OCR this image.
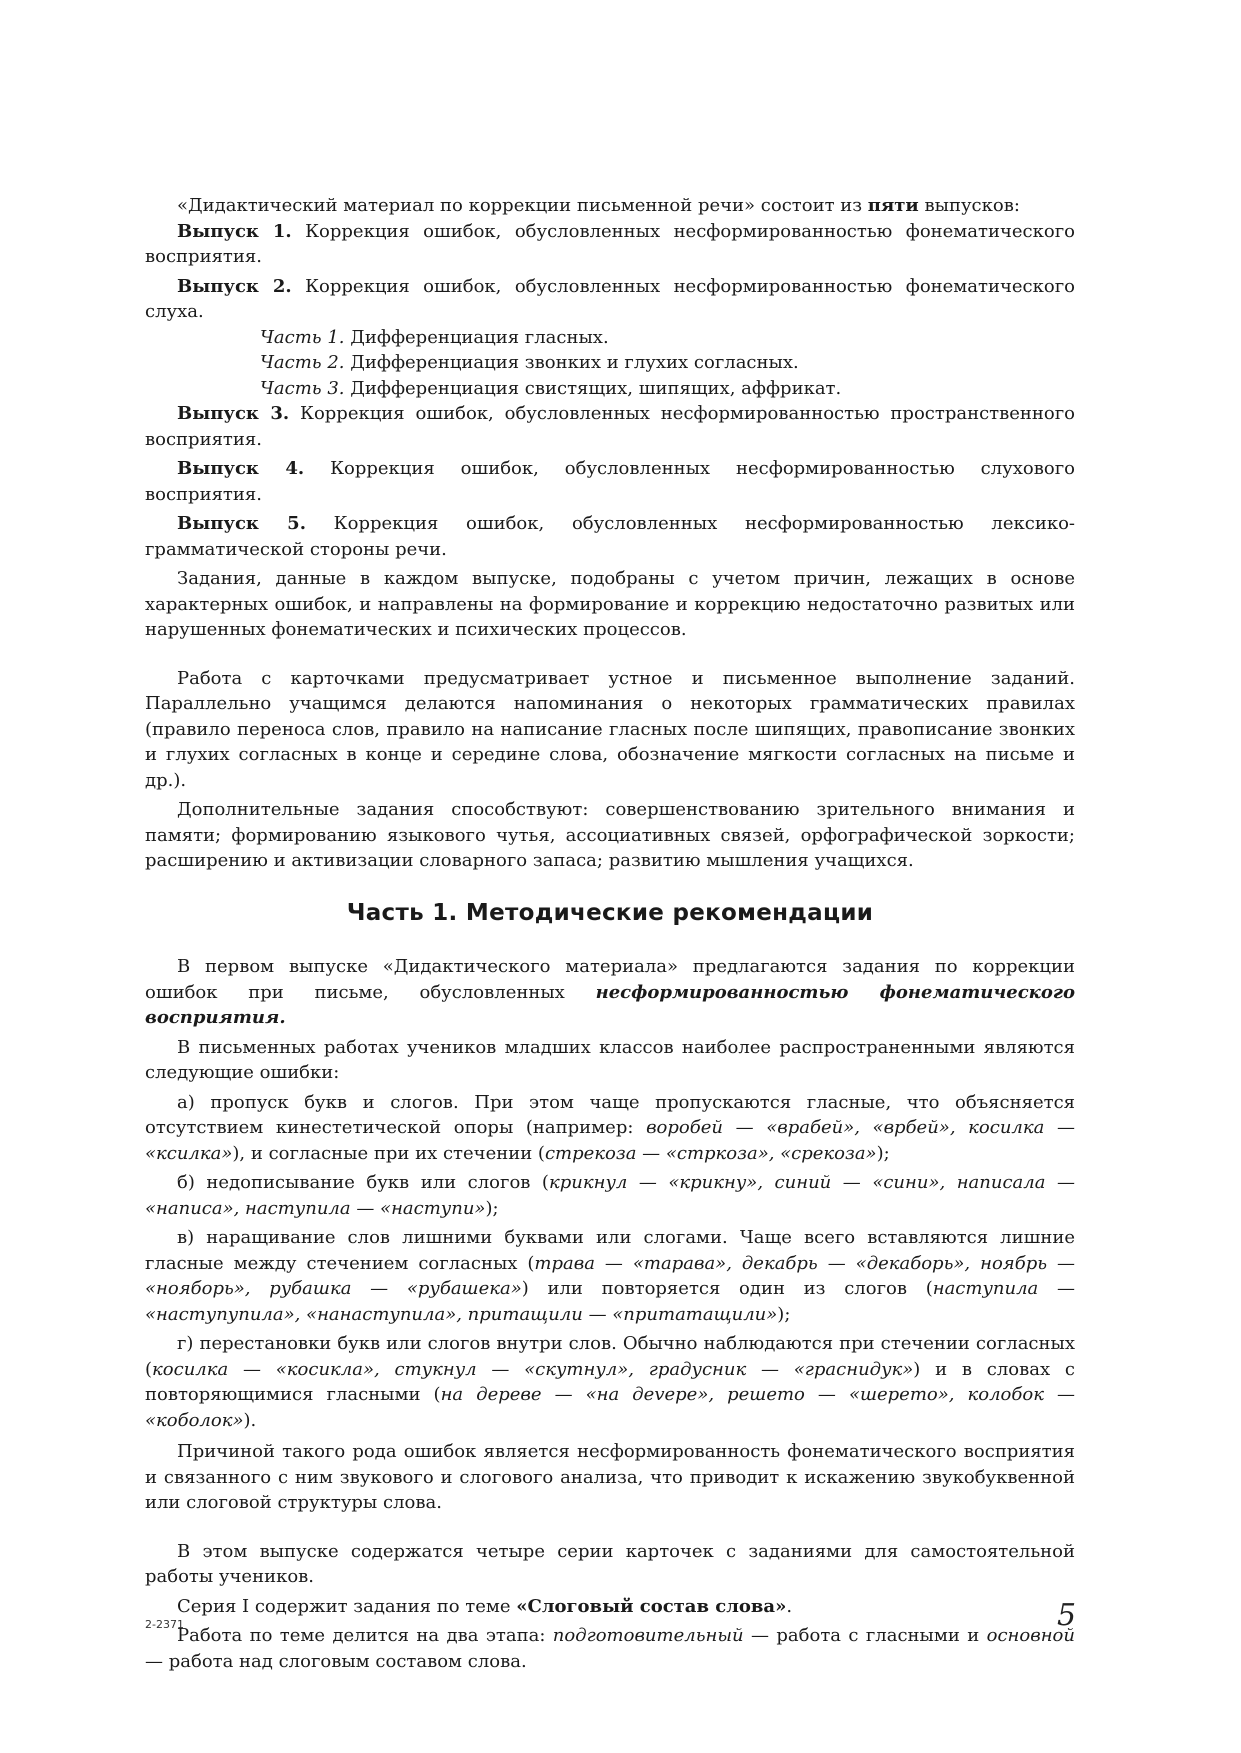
«Дидактический материал по коррекции письменной речи» состоит из пяти выпусков:

Выпуск 1. Коррекция ошибок, обусловленных несформированностью фонематического восприятия.

Выпуск 2. Коррекция ошибок, обусловленных несформированностью фонематического слуха.

Часть 1. Дифференциация гласных.

Часть 2. Дифференциация звонких и глухих согласных.

Часть 3. Дифференциация свистящих, шипящих, аффрикат.

Выпуск 3. Коррекция ошибок, обусловленных несформированностью пространственного восприятия.

Выпуск 4. Коррекция ошибок, обусловленных несформированностью слухового восприятия.

Выпуск 5. Коррекция ошибок, обусловленных несформированностью лексико-грамматической стороны речи.

Задания, данные в каждом выпуске, подобраны с учетом причин, лежащих в основе характерных ошибок, и направлены на формирование и коррекцию недостаточно развитых или нарушенных фонематических и психических процессов.

Работа с карточками предусматривает устное и письменное выполнение заданий. Параллельно учащимся делаются напоминания о некоторых грамматических правилах (правило переноса слов, правило на написание гласных после шипящих, правописание звонких и глухих согласных в конце и середине слова, обозначение мягкости согласных на письме и др.).

Дополнительные задания способствуют: совершенствованию зрительного внимания и памяти; формированию языкового чутья, ассоциативных связей, орфографической зоркости; расширению и активизации словарного запаса; развитию мышления учащихся.

Часть 1. Методические рекомендации

В первом выпуске «Дидактического материала» предлагаются задания по коррекции ошибок при письме, обусловленных несформированностью фонематического восприятия.

В письменных работах учеников младших классов наиболее распространенными являются следующие ошибки:

а) пропуск букв и слогов. При этом чаще пропускаются гласные, что объясняется отсутствием кинестетической опоры (например: воробей — «врабей», «врбей», косилка — «ксилка»), и согласные при их стечении (стрекоза — «стркоза», «срекоза»);

б) недописывание букв или слогов (крикнул — «крикну», синий — «сини», написала — «написа», наступила — «наступи»);

в) наращивание слов лишними буквами или слогами. Чаще всего вставляются лишние гласные между стечением согласных (трава — «тарава», декабрь — «декаборь», ноябрь — «нояборь», рубашка — «рубашека») или повторяется один из слогов (наступила — «наступупила», «нанаступила», притащили — «притатащили»);

г) перестановки букв или слогов внутри слов. Обычно наблюдаются при стечении согласных (косилка — «косикла», стукнул — «скутнул», градусник — «граснидук») и в словах с повторяющимися гласными (на дереве — «на деvере», решето — «шерето», колобок — «коболок»).

Причиной такого рода ошибок является несформированность фонематического восприятия и связанного с ним звукового и слогового анализа, что приводит к искажению звукобуквенной или слоговой структуры слова.

В этом выпуске содержатся четыре серии карточек с заданиями для самостоятельной работы учеников.

Серия I содержит задания по теме «Слоговый состав слова».

Работа по теме делится на два этапа: подготовительный — работа с гласными и основной — работа над слоговым составом слова.

2-2371	5
